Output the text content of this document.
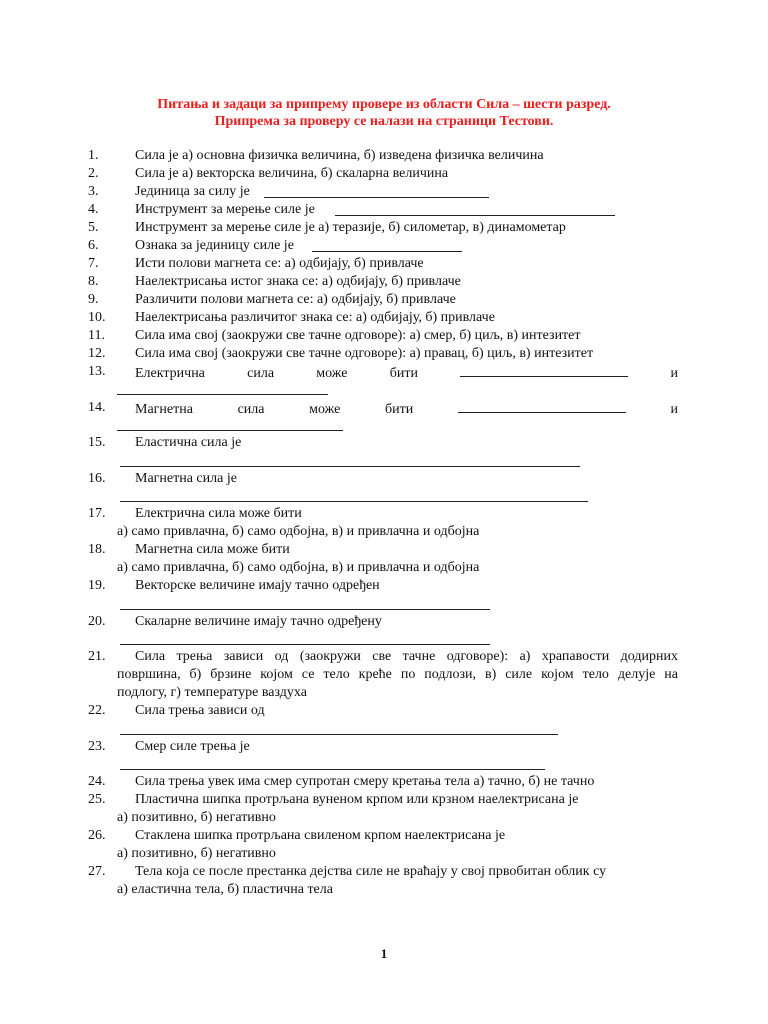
Питања и задаци за припрему провере из области Сила – шести разред.
Припрема за проверу се налази на страници Тестови.
1.	Сила је а) основна физичка величина, б) изведена физичка величина
2.	Сила је а) векторска величина, б) скаларна величина
3.	Јединица за силу је
4.	Инструмент за мерење силе је
5.	Инструмент за мерење силе је а) теразије, б) силометар, в) динамометар
6.	Ознака за јединицу силе је
7.	Исти полови магнета се: а) одбијају, б) привлаче
8.	Наелектрисања истог знака се: а) одбијају, б) привлаче
9.	Различити полови магнета се: а) одбијају, б) привлаче
10.	Наелектрисања различитог знака се: а) одбијају, б) привлаче
11.	Сила има свој (заокружи све тачне одговоре): а) смер, б) циљ, в) интезитет
12.	Сила има свој (заокружи све тачне одговоре): а) правац, б) циљ, в) интезитет
13.	Електрична	сила	може	бити	и
14.	Магнетна	сила	може	бити	и
15.	Еластична сила је
16.	Магнетна сила је
17.	Електрична сила може бити
а) само привлачна, б) само одбојна, в) и привлачна и одбојна
18.	Магнетна сила може бити
а) само привлачна, б) само одбојна, в) и привлачна и одбојна
19.	Векторске величине имају тачно одређен
20.	Скаларне величине имају тачно одређену
21.	Сила трења зависи од (заокружи све тачне одговоре): а) храпавости додирних
површина, б) брзине којом се тело креће по подлози, в) силе којом тело делује на
подлогу, г) температуре ваздуха
22.	Сила трења зависи од
23.	Смер силе трења је
24.	Сила трења увек има смер супротан смеру кретања тела а) тачно, б) не тачно
25.	Пластична шипка протрљана вуненом крпом или крзном наелектрисана је
а) позитивно, б) негативно
26.	Стаклена шипка протрљана свиленом крпом наелектрисана је
а) позитивно, б) негативно
27.	Тела која се после престанка дејства силе не враћају у свој првобитан облик су
а) еластична тела, б) пластична тела
1
